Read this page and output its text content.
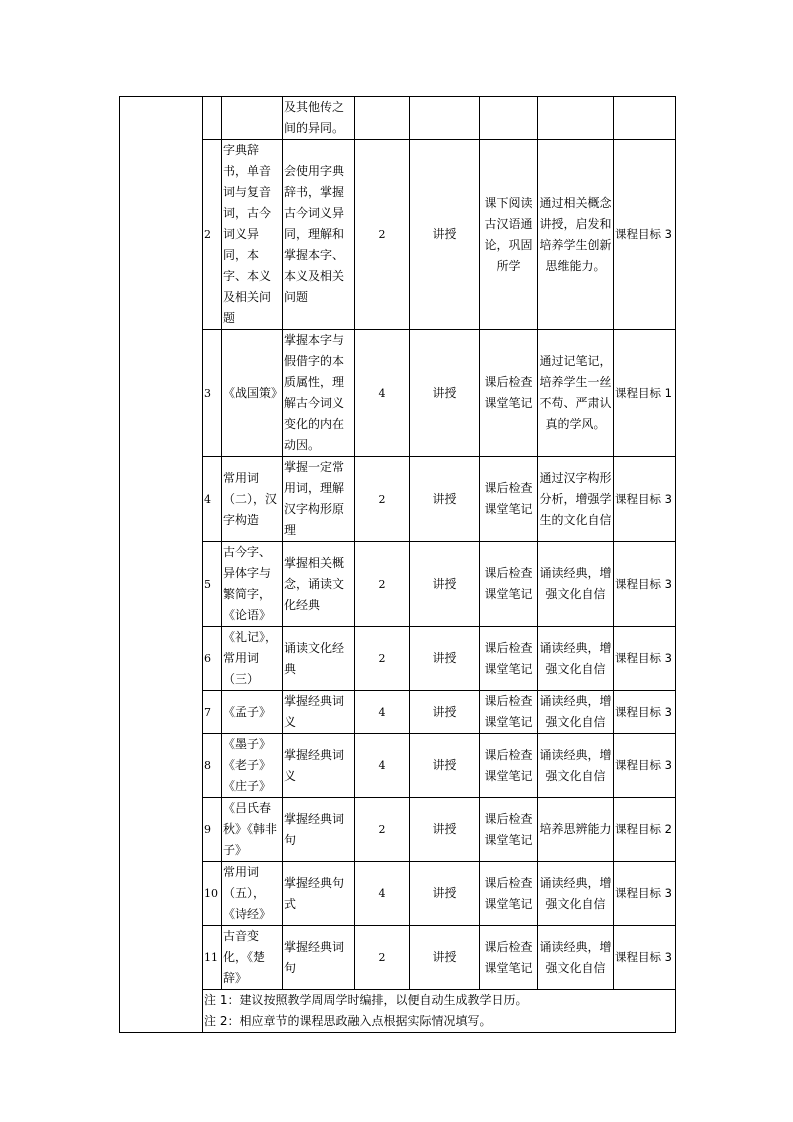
			及其他传之间的异同。					
	2	字典辞书，单音词与复音词，古今词义异同，本字、本义及相关问题	会使用字典辞书，掌握古今词义异同，理解和掌握本字、本义及相关问题	2	讲授	课下阅读古汉语通论，巩固所学	通过相关概念讲授，启发和培养学生创新思维能力。	课程目标 3
	3	《战国策》	掌握本字与假借字的本质属性，理解古今词义变化的内在动因。	4	讲授	课后检查课堂笔记	通过记笔记，培养学生一丝不苟、严肃认真的学风。	课程目标 1
	4	常用词（二），汉字构造	掌握一定常用词，理解汉字构形原理	2	讲授	课后检查课堂笔记	通过汉字构形分析，增强学生的文化自信	课程目标 3
	5	古今字、异体字与繁简字，《论语》	掌握相关概念，诵读文化经典	2	讲授	课后检查课堂笔记	诵读经典，增强文化自信	课程目标 3
	6	《礼记》，常用词（三）	诵读文化经典	2	讲授	课后检查课堂笔记	诵读经典，增强文化自信	课程目标 3
	7	《孟子》	掌握经典词义	4	讲授	课后检查课堂笔记	诵读经典，增强文化自信	课程目标 3
	8	《墨子》《老子》《庄子》	掌握经典词义	4	讲授	课后检查课堂笔记	诵读经典，增强文化自信	课程目标 3
	9	《吕氏春秋》《韩非子》	掌握经典词句	2	讲授	课后检查课堂笔记	培养思辨能力	课程目标 2
	10	常用词（五），《诗经》	掌握经典句式	4	讲授	课后检查课堂笔记	诵读经典，增强文化自信	课程目标 3
	11	古音变化，《楚辞》	掌握经典词句	2	讲授	课后检查课堂笔记	诵读经典，增强文化自信	课程目标 3

	注 1：建议按照教学周周学时编排，以便自动生成教学日历。
注 2：相应章节的课程思政融入点根据实际情况填写。							
